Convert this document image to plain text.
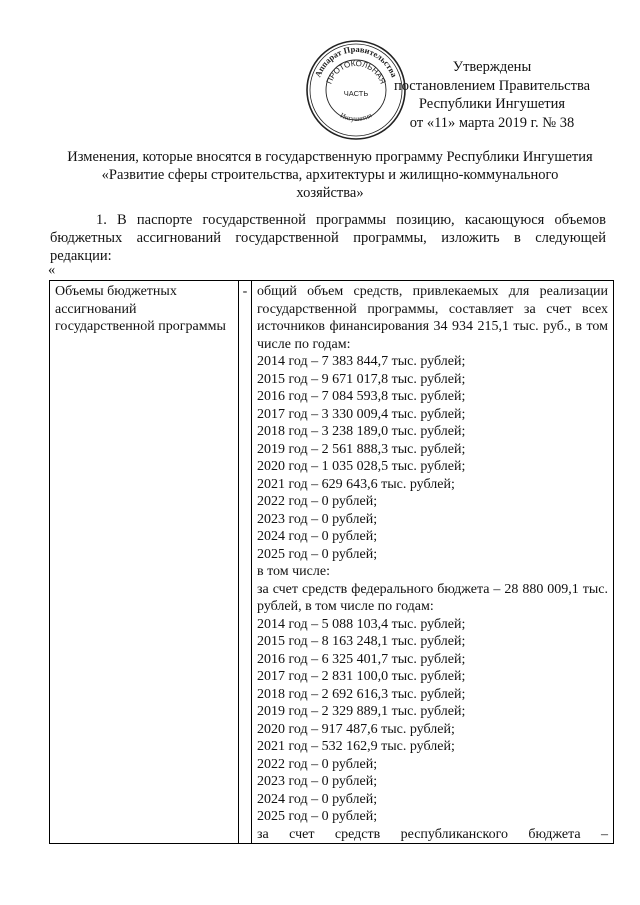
Аппарат Правительства
ПРОТОКОЛЬНАЯ
ЧАСТЬ
Ингушетия
Утверждены
постановлением Правительства
Республики Ингушетия
от «11» марта 2019 г. № 38
Изменения, которые вносятся в государственную программу Республики Ингушетия
«Развитие сферы строительства, архитектуры и жилищно-коммунального
хозяйства»
1. В паспорте государственной программы позицию, касающуюся объемов бюджетных ассигнований государственной программы, изложить в следующей редакции:
«
Объемы бюджетных ассигнований государственной программы	-	общий объем средств, привлекаемых для реализации государственной программы, составляет за счет всех источников финансирования 34 934 215,1 тыс. руб., в том числе по годам:
2014 год – 7 383 844,7 тыс. рублей;
2015 год – 9 671 017,8 тыс. рублей;
2016 год – 7 084 593,8 тыс. рублей;
2017 год – 3 330 009,4 тыс. рублей;
2018 год – 3 238 189,0 тыс. рублей;
2019 год – 2 561 888,3 тыс. рублей;
2020 год – 1 035 028,5 тыс. рублей;
2021 год – 629 643,6 тыс. рублей;
2022 год – 0 рублей;
2023 год – 0 рублей;
2024 год – 0 рублей;
2025 год – 0 рублей;
в том числе:
за счет средств федерального бюджета – 28 880 009,1 тыс. рублей, в том числе по годам:
2014 год – 5 088 103,4 тыс. рублей;
2015 год – 8 163 248,1 тыс. рублей;
2016 год – 6 325 401,7 тыс. рублей;
2017 год – 2 831 100,0 тыс. рублей;
2018 год – 2 692 616,3 тыс. рублей;
2019 год – 2 329 889,1 тыс. рублей;
2020 год – 917 487,6 тыс. рублей;
2021 год – 532 162,9 тыс. рублей;
2022 год – 0 рублей;
2023 год – 0 рублей;
2024 год – 0 рублей;
2025 год – 0 рублей;
за счет средств республиканского бюджета –
